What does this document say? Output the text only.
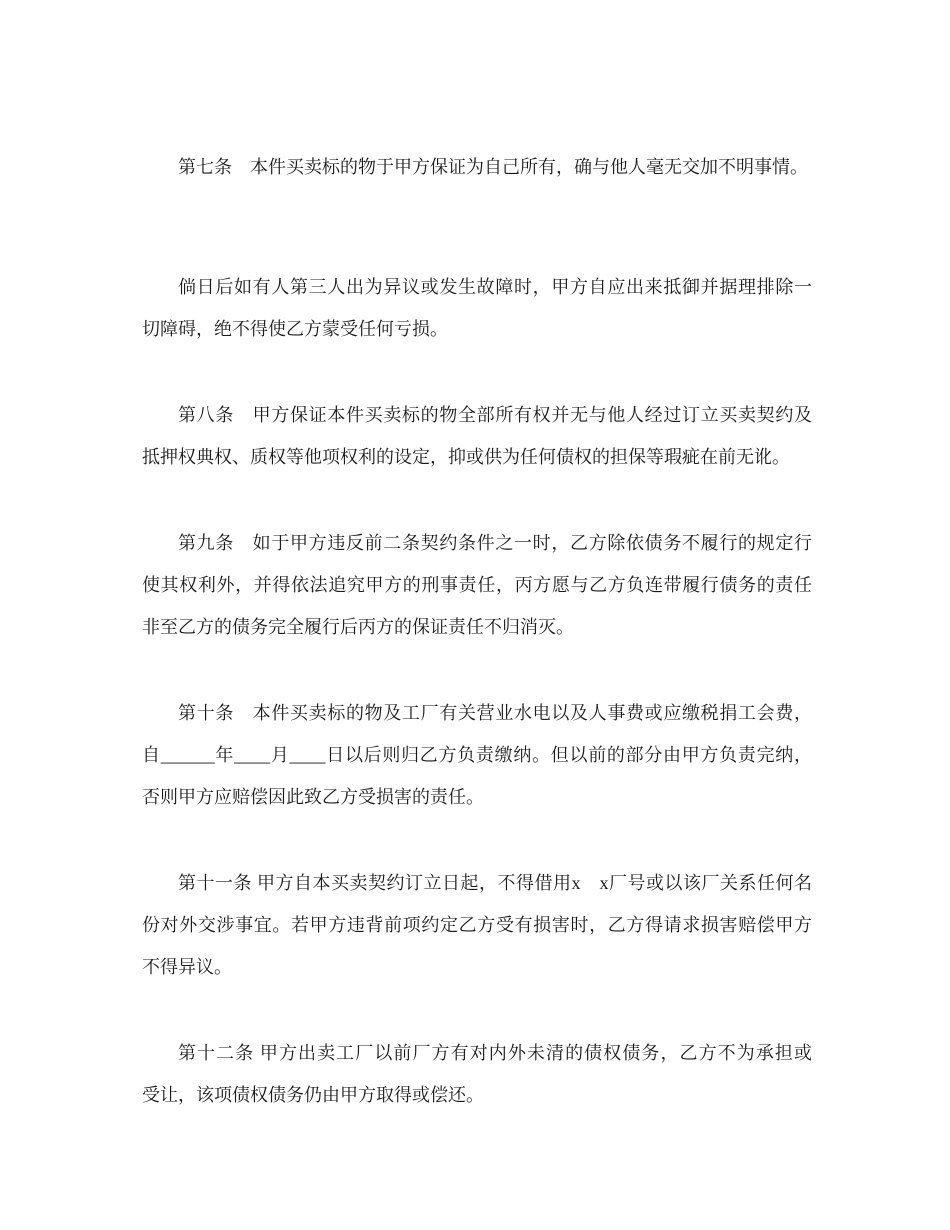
第七条　本件买卖标的物于甲方保证为自己所有，确与他人毫无交加不明事情。

倘日后如有人第三人出为异议或发生故障时，甲方自应出来抵御并据理排除一
切障碍，绝不得使乙方蒙受任何亏损。

第八条　甲方保证本件买卖标的物全部所有权并无与他人经过订立买卖契约及
抵押权典权、质权等他项权利的设定，抑或供为任何债权的担保等瑕疵在前无讹。

第九条　如于甲方违反前二条契约条件之一时，乙方除依债务不履行的规定行
使其权利外，并得依法追究甲方的刑事责任，丙方愿与乙方负连带履行债务的责任
非至乙方的债务完全履行后丙方的保证责任不归消灭。

第十条　本件买卖标的物及工厂有关营业水电以及人事费或应缴税捐工会费，
自______年____月____日以后则归乙方负责缴纳。但以前的部分由甲方负责完纳，
否则甲方应赔偿因此致乙方受损害的责任。

第十一条 甲方自本买卖契约订立日起，不得借用x　x厂号或以该厂关系任何名
份对外交涉事宜。若甲方违背前项约定乙方受有损害时，乙方得请求损害赔偿甲方
不得异议。

第十二条 甲方出卖工厂以前厂方有对内外未清的债权债务，乙方不为承担或
受让，该项债权债务仍由甲方取得或偿还。
